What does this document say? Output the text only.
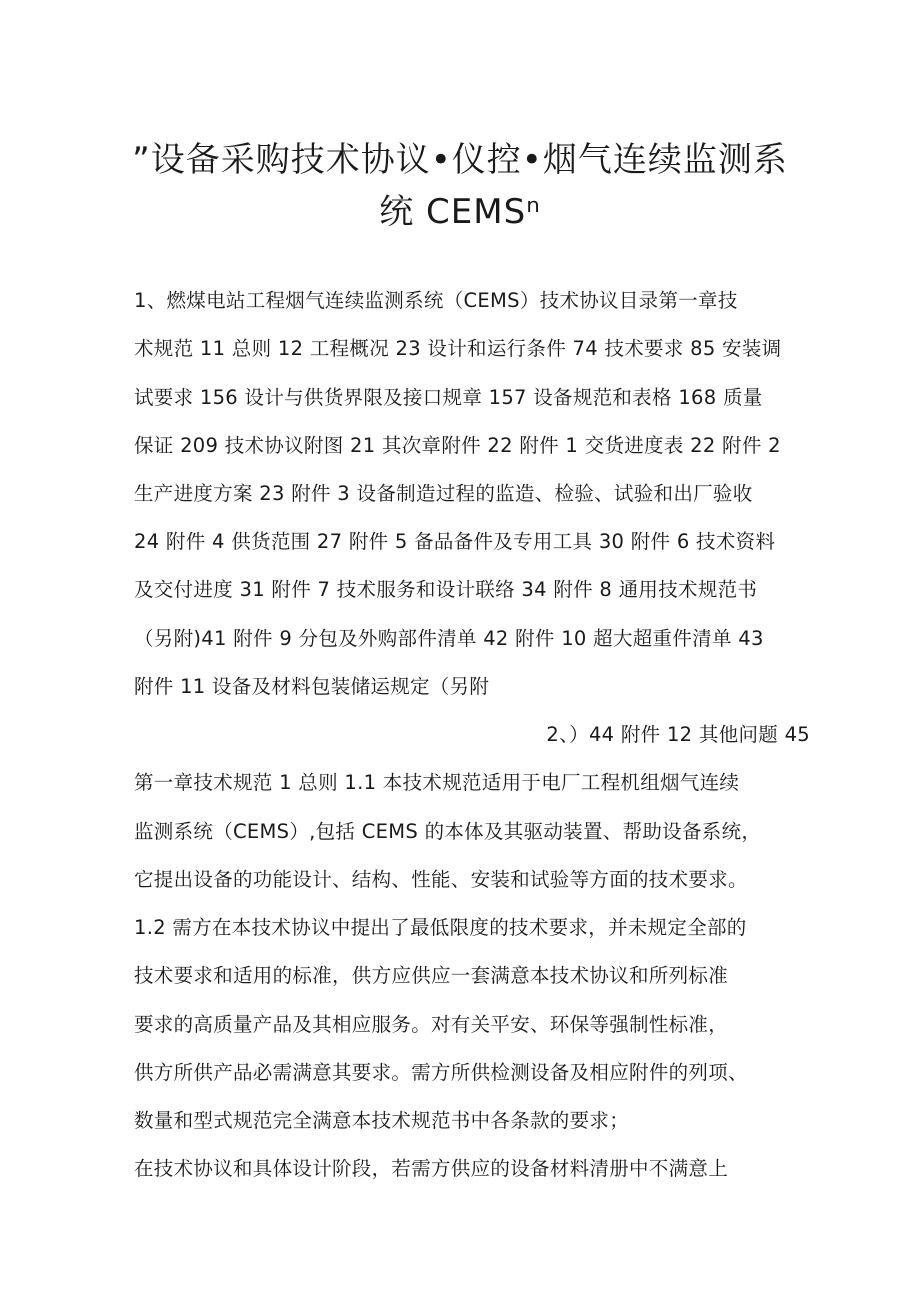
”设备采购技术协议•仪控•烟气连续监测系
统 CEMSⁿ
1、燃煤电站工程烟气连续监测系统（CEMS）技术协议目录第一章技
术规范 11 总则 12 工程概况 23 设计和运行条件 74 技术要求 85 安装调
试要求 156 设计与供货界限及接口规章 157 设备规范和表格 168 质量
保证 209 技术协议附图 21 其次章附件 22 附件 1 交货进度表 22 附件 2
生产进度方案 23 附件 3 设备制造过程的监造、检验、试验和出厂验收
24 附件 4 供货范围 27 附件 5 备品备件及专用工具 30 附件 6 技术资料
及交付进度 31 附件 7 技术服务和设计联络 34 附件 8 通用技术规范书
（另附)41 附件 9 分包及外购部件清单 42 附件 10 超大超重件清单 43
附件 11 设备及材料包装储运规定（另附
2、）44 附件 12 其他问题 45
第一章技术规范 1 总则 1.1 本技术规范适用于电厂工程机组烟气连续
监测系统（CEMS）,包括 CEMS 的本体及其驱动装置、帮助设备系统，
它提出设备的功能设计、结构、性能、安装和试验等方面的技术要求。
1.2 需方在本技术协议中提出了最低限度的技术要求，并未规定全部的
技术要求和适用的标准，供方应供应一套满意本技术协议和所列标准
要求的高质量产品及其相应服务。对有关平安、环保等强制性标准，
供方所供产品必需满意其要求。需方所供检测设备及相应附件的列项、
数量和型式规范完全满意本技术规范书中各条款的要求；
在技术协议和具体设计阶段，若需方供应的设备材料清册中不满意上
